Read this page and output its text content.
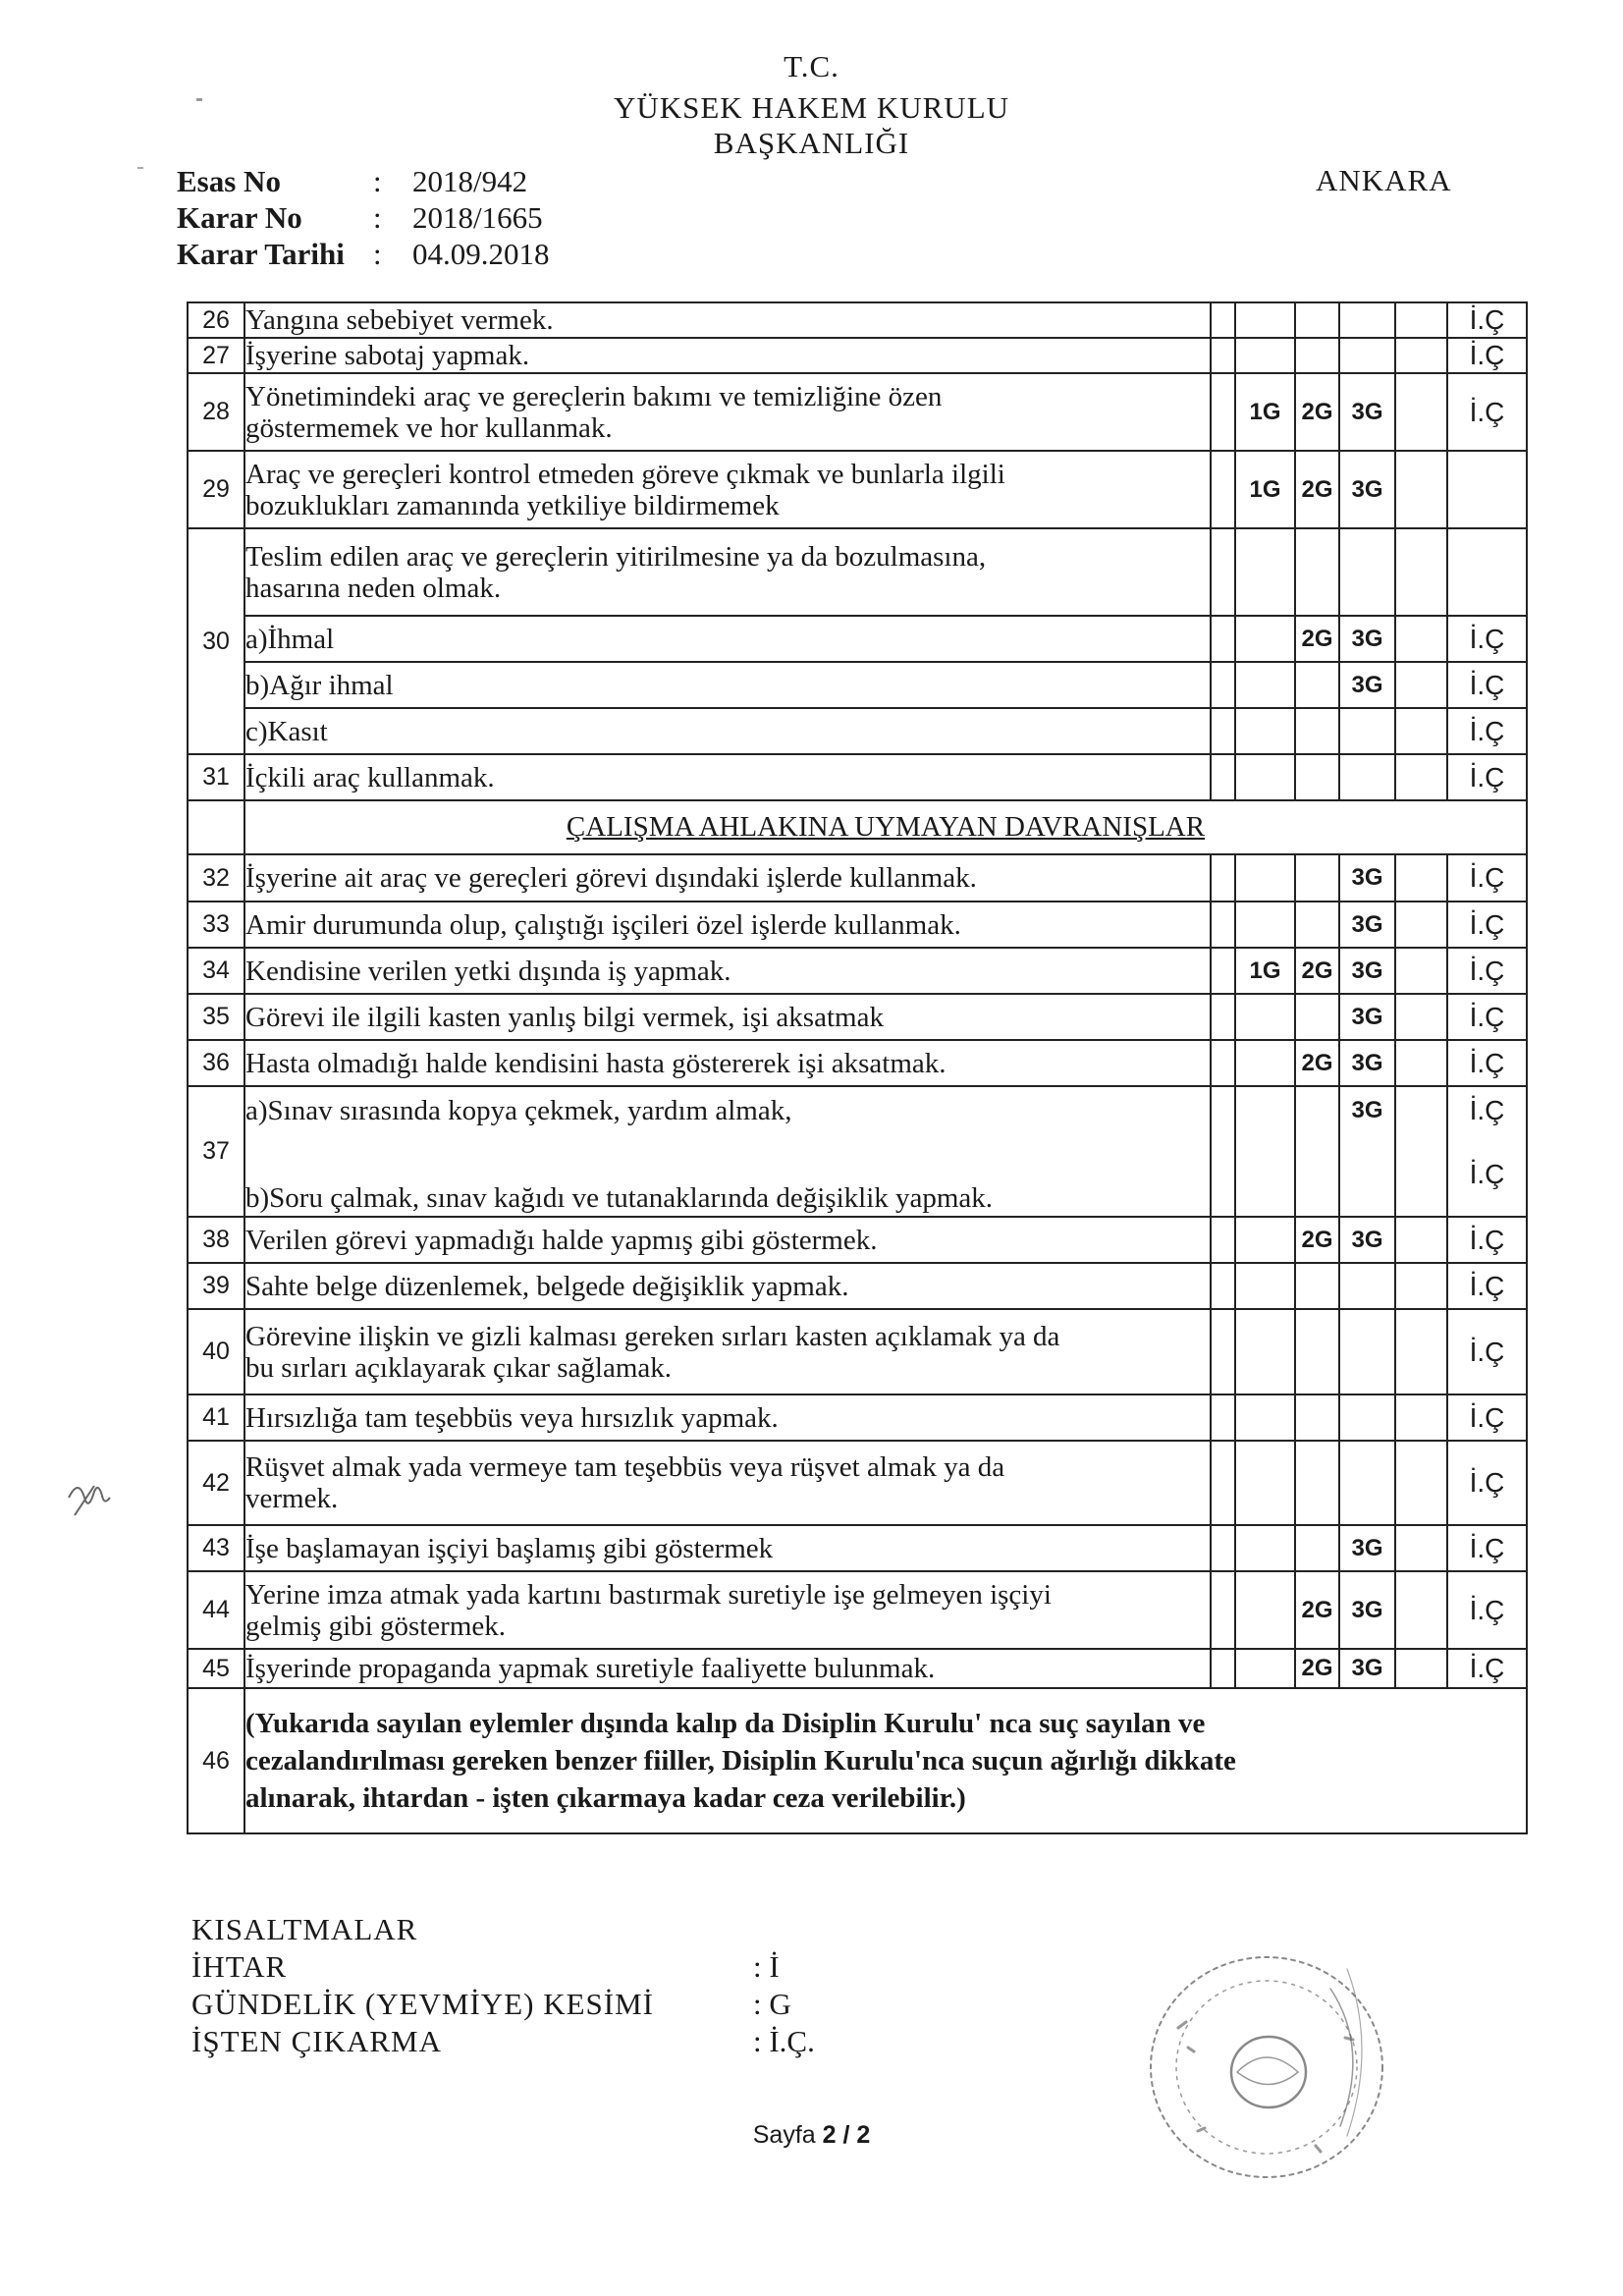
T.C.
YÜKSEK HAKEM KURULU
BAŞKANLIĞI
Esas No	:	2018/942
Karar No	:	2018/1665
Karar Tarihi :	04.09.2018
ANKARA
26	Yangına sebebiyet vermek.						İ.Ç
27	İşyerine sabotaj yapmak.						İ.Ç
28	Yönetimindeki araç ve gereçlerin bakımı ve temizliğine özen
göstermemek ve hor kullanmak.		1G	2G	3G		İ.Ç
29	Araç ve gereçleri kontrol etmeden göreve çıkmak ve bunlarla ilgili
bozuklukları zamanında yetkiliye bildirmemek		1G	2G	3G		
30	Teslim edilen araç ve gereçlerin yitirilmesine ya da bozulmasına,
hasarına neden olmak.						

	a)İhmal			2G	3G		İ.Ç
	b)Ağır ihmal				3G		İ.Ç
	c)Kasıt						İ.Ç
31	İçkili araç kullanmak.						İ.Ç
	ÇALIŞMA AHLAKINA UYMAYAN DAVRANIŞLAR						
32	İşyerine ait araç ve gereçleri görevi dışındaki işlerde kullanmak.				3G		İ.Ç
33	Amir durumunda olup, çalıştığı işçileri özel işlerde kullanmak.				3G		İ.Ç
34	Kendisine verilen yetki dışında iş yapmak.		1G	2G	3G		İ.Ç
35	Görevi ile ilgili kasten yanlış bilgi vermek, işi aksatmak				3G		İ.Ç
36	Hasta olmadığı halde kendisini hasta göstererek işi aksatmak.			2G	3G		İ.Ç
37	a)Sınav sırasında kopya çekmek, yardım almak,				3G		İ.Ç
	b)Soru çalmak, sınav kağıdı ve tutanaklarında değişiklik yapmak.						İ.Ç
38	Verilen görevi yapmadığı halde yapmış gibi göstermek.			2G	3G		İ.Ç
39	Sahte belge düzenlemek, belgede değişiklik yapmak.						İ.Ç
40	Görevine ilişkin ve gizli kalması gereken sırları kasten açıklamak ya da
bu sırları açıklayarak çıkar sağlamak.						İ.Ç
41	Hırsızlığa tam teşebbüs veya hırsızlık yapmak.						İ.Ç
42	Rüşvet almak yada vermeye tam teşebbüs veya rüşvet almak ya da
vermek.						İ.Ç
43	İşe başlamayan işçiyi başlamış gibi göstermek				3G		İ.Ç
44	Yerine imza atmak yada kartını bastırmak suretiyle işe gelmeyen işçiyi
gelmiş gibi göstermek.			2G	3G		İ.Ç
45	İşyerinde propaganda yapmak suretiyle faaliyette bulunmak.			2G	3G		İ.Ç
46	(Yukarıda sayılan eylemler dışında kalıp da Disiplin Kurulu' nca suç sayılan ve
cezalandırılması gereken benzer fiiller, Disiplin Kurulu'nca suçun ağırlığı dikkate
alınarak, ihtardan - işten çıkarmaya kadar ceza verilebilir.)						
KISALTMALAR
İHTAR	: İ
GÜNDELİK (YEVMİYE) KESİMİ	: G
İŞTEN ÇIKARMA	: İ.Ç.
Sayfa 2 / 2
